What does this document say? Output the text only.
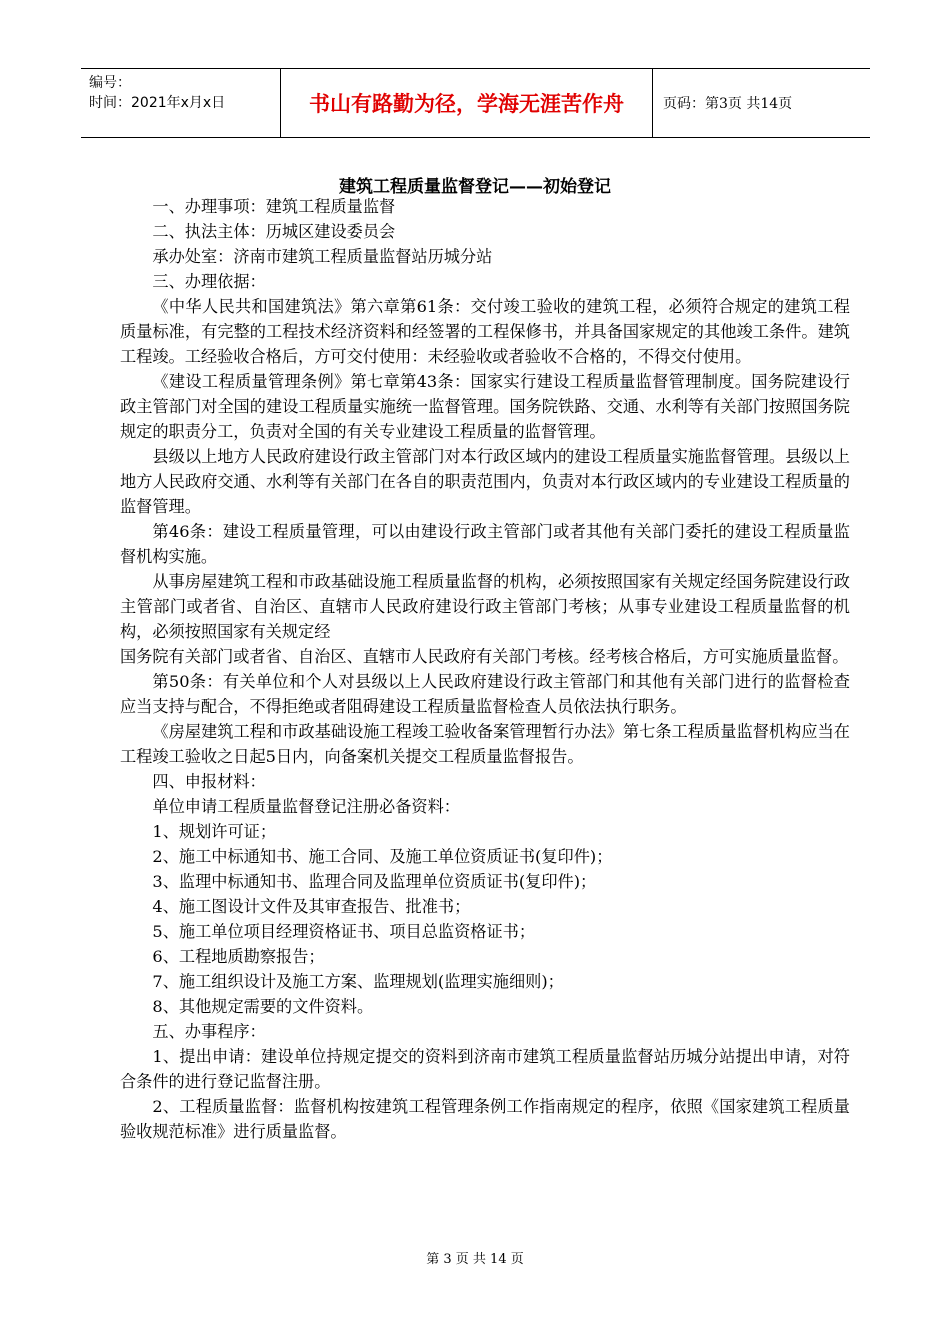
编号：
时间：2021年x月x日	书山有路勤为径，学海无涯苦作舟	页码：第3页 共14页
建筑工程质量监督登记——初始登记

一、办理事项：建筑工程质量监督

二、执法主体：历城区建设委员会

承办处室：济南市建筑工程质量监督站历城分站

三、办理依据：

《中华人民共和国建筑法》第六章第61条：交付竣工验收的建筑工程，必须符合规定的建筑工程质量标准，有完整的工程技术经济资料和经签署的工程保修书，并具备国家规定的其他竣工条件。建筑工程竣。工经验收合格后，方可交付使用：未经验收或者验收不合格的，不得交付使用。

《建设工程质量管理条例》第七章第43条：国家实行建设工程质量监督管理制度。国务院建设行政主管部门对全国的建设工程质量实施统一监督管理。国务院铁路、交通、水利等有关部门按照国务院规定的职责分工，负责对全国的有关专业建设工程质量的监督管理。

县级以上地方人民政府建设行政主管部门对本行政区域内的建设工程质量实施监督管理。县级以上地方人民政府交通、水利等有关部门在各自的职责范围内，负责对本行政区域内的专业建设工程质量的监督管理。

第46条：建设工程质量管理，可以由建设行政主管部门或者其他有关部门委托的建设工程质量监督机构实施。

从事房屋建筑工程和市政基础设施工程质量监督的机构，必须按照国家有关规定经国务院建设行政主管部门或者省、自治区、直辖市人民政府建设行政主管部门考核；从事专业建设工程质量监督的机构，必须按照国家有关规定经

国务院有关部门或者省、自治区、直辖市人民政府有关部门考核。经考核合格后，方可实施质量监督。

第50条：有关单位和个人对县级以上人民政府建设行政主管部门和其他有关部门进行的监督检查应当支持与配合，不得拒绝或者阻碍建设工程质量监督检查人员依法执行职务。

《房屋建筑工程和市政基础设施工程竣工验收备案管理暂行办法》第七条工程质量监督机构应当在工程竣工验收之日起5日内，向备案机关提交工程质量监督报告。

四、申报材料：

单位申请工程质量监督登记注册必备资料：

1、规划许可证；

2、施工中标通知书、施工合同、及施工单位资质证书(复印件)；

3、监理中标通知书、监理合同及监理单位资质证书(复印件)；

4、施工图设计文件及其审查报告、批准书；

5、施工单位项目经理资格证书、项目总监资格证书；

6、工程地质勘察报告；

7、施工组织设计及施工方案、监理规划(监理实施细则)；

8、其他规定需要的文件资料。

五、办事程序：

1、提出申请：建设单位持规定提交的资料到济南市建筑工程质量监督站历城分站提出申请，对符合条件的进行登记监督注册。

2、工程质量监督：监督机构按建筑工程管理条例工作指南规定的程序，依照《国家建筑工程质量验收规范标准》进行质量监督。

第 3 页 共 14 页
